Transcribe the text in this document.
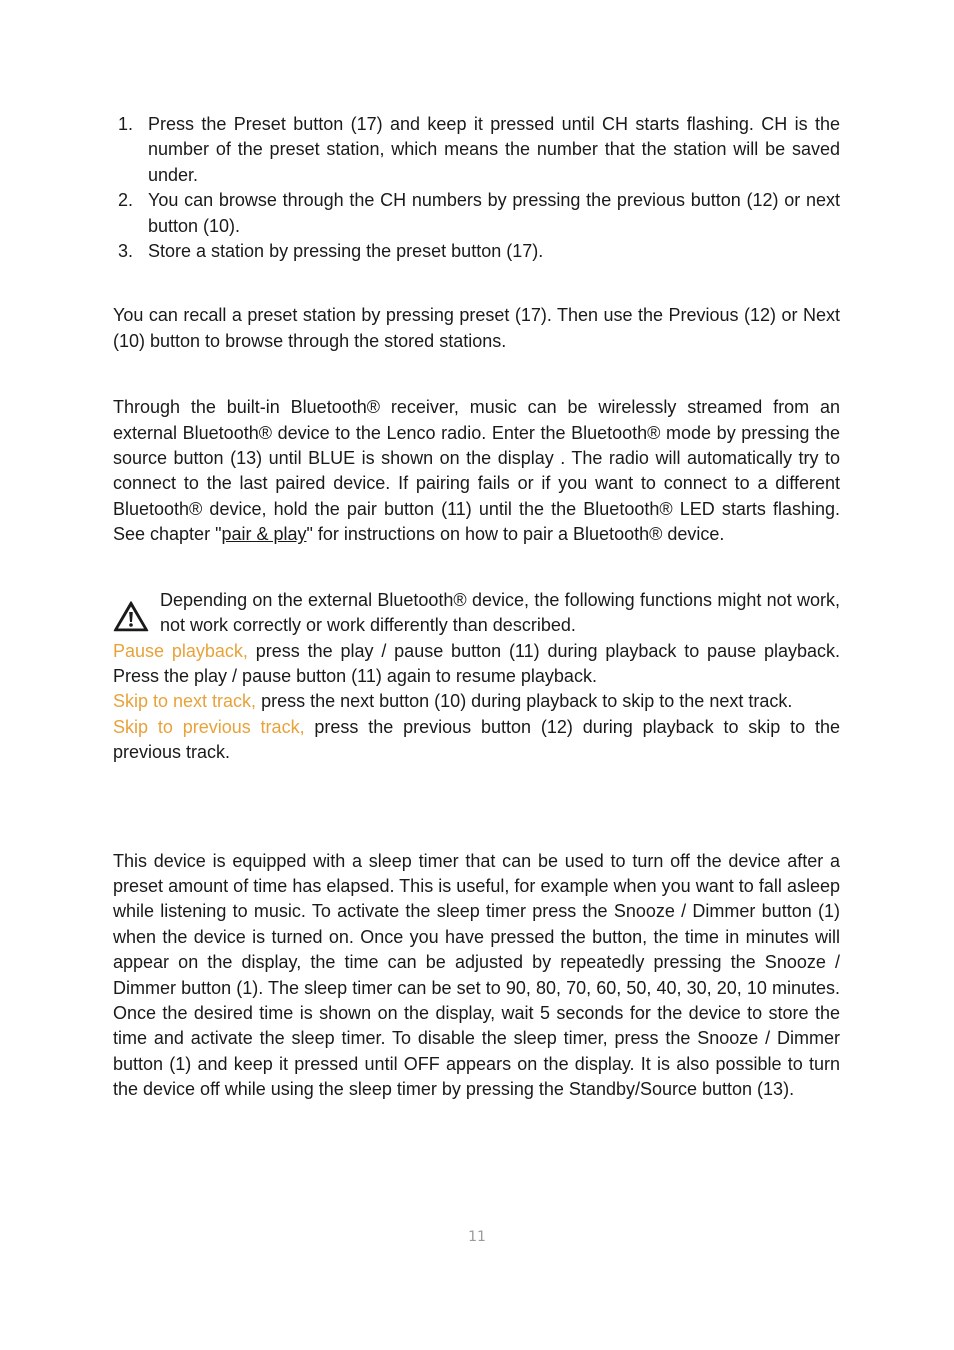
1. Press the Preset button (17) and keep it pressed until CH starts flashing. CH is the number of the preset station, which means the number that the station will be saved under.
2. You can browse through the CH numbers by pressing the previous button (12) or next button (10).
3. Store a station by pressing the preset button (17).

You can recall a preset station by pressing preset (17). Then use the Previous (12) or Next (10) button to browse through the stored stations.

Through the built-in Bluetooth® receiver, music can be wirelessly streamed from an external Bluetooth® device to the Lenco radio. Enter the Bluetooth® mode by pressing the source button (13) until BLUE is shown on the display . The radio will automatically try to connect to the last paired device. If pairing fails or if you want to connect to a different Bluetooth® device, hold the pair button (11) until the the Bluetooth® LED starts flashing. See chapter "pair & play" for instructions on how to pair a Bluetooth® device.

Depending on the external Bluetooth® device, the following functions might not work, not work correctly or work differently than described.

Pause playback, press the play / pause button (11) during playback to pause playback. Press the play / pause button (11) again to resume playback.

Skip to next track, press the next button (10) during playback to skip to the next track.

Skip to previous track, press the previous button (12) during playback to skip to the previous track.

This device is equipped with a sleep timer that can be used to turn off the device after a preset amount of time has elapsed. This is useful, for example when you want to fall asleep while listening to music. To activate the sleep timer press the Snooze / Dimmer button (1) when the device is turned on. Once you have pressed the button, the time in minutes will appear on the display, the time can be adjusted by repeatedly pressing the Snooze / Dimmer button (1). The sleep timer can be set to 90, 80, 70, 60, 50, 40, 30, 20, 10 minutes. Once the desired time is shown on the display, wait 5 seconds for the device to store the time and activate the sleep timer. To disable the sleep timer, press the Snooze / Dimmer button (1) and keep it pressed until OFF appears on the display. It is also possible to turn the device off while using the sleep timer by pressing the Standby/Source button (13).

11
